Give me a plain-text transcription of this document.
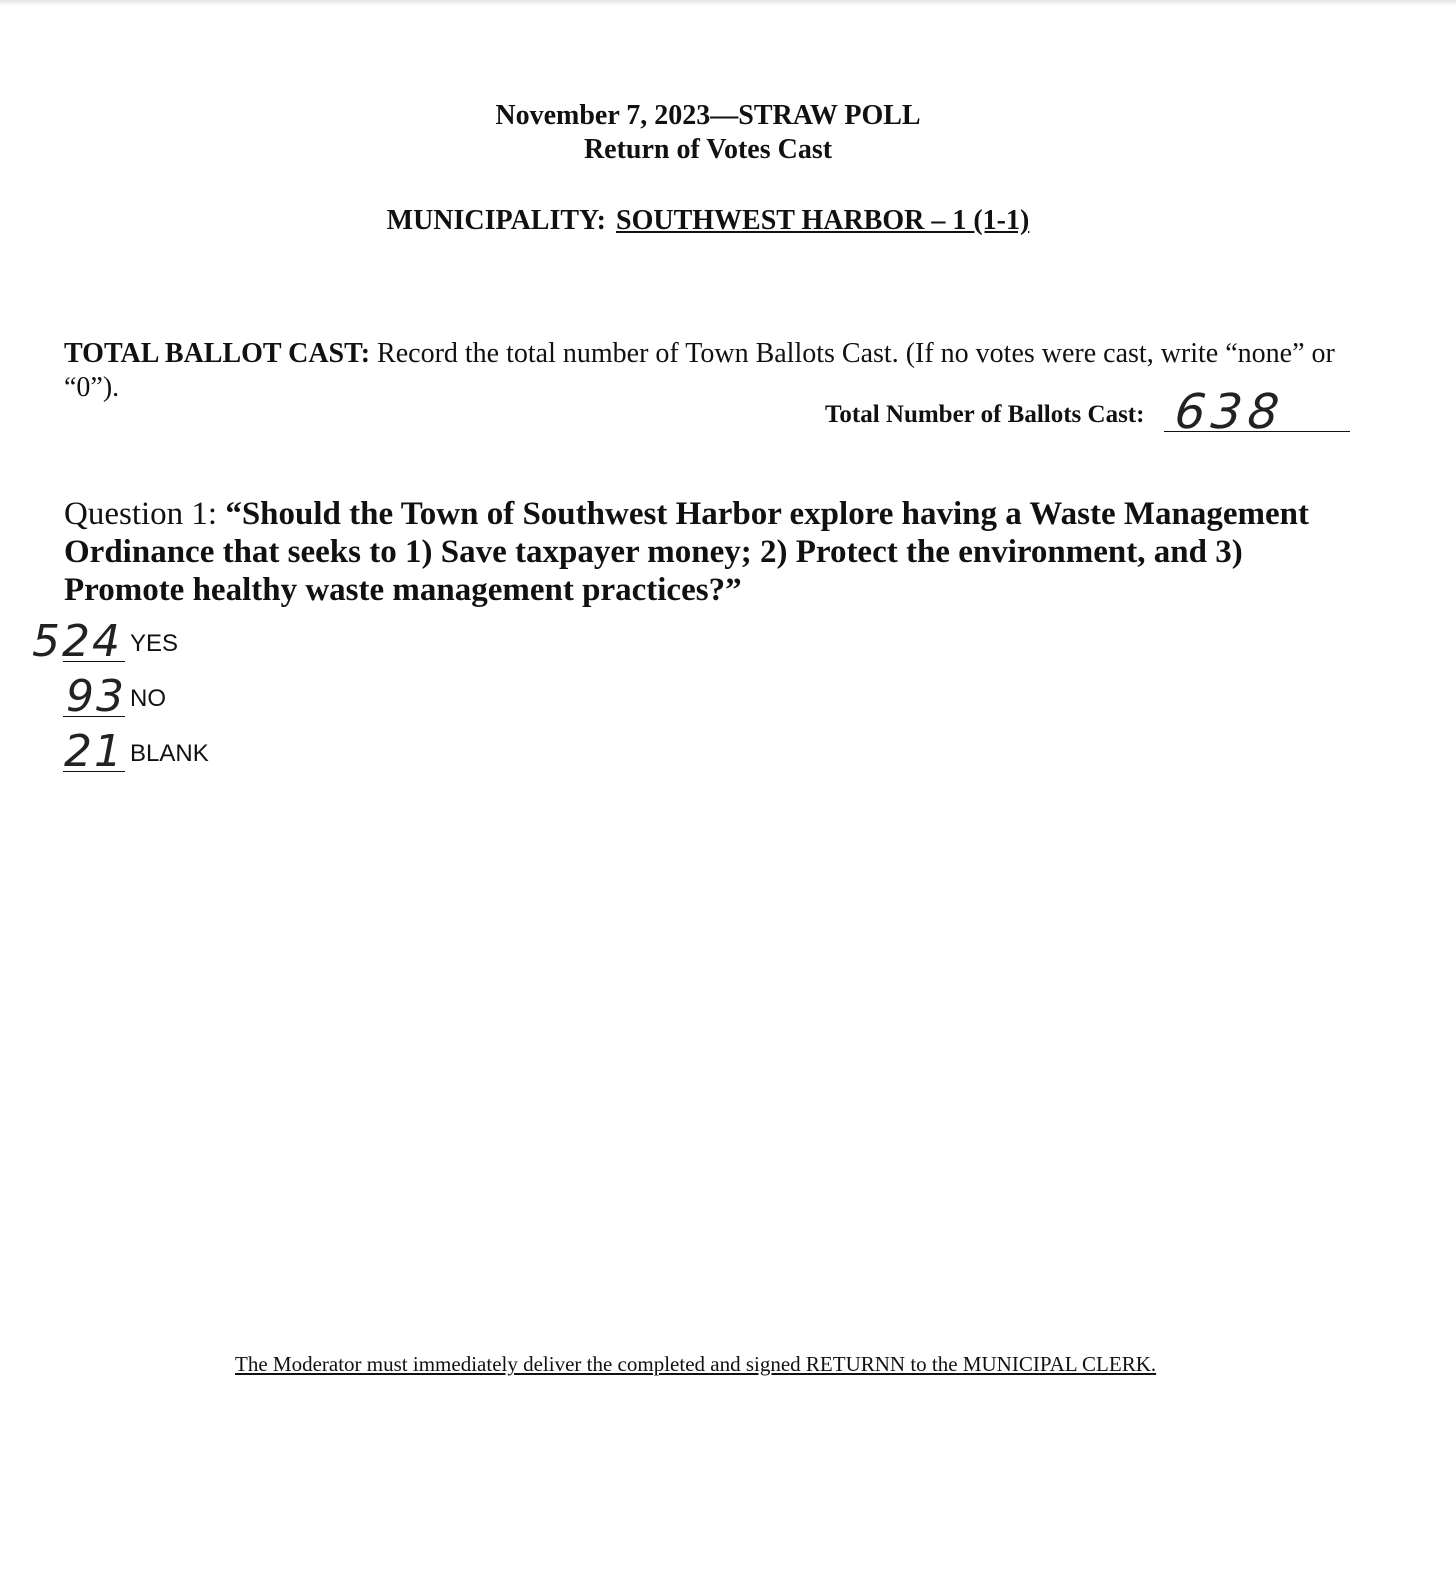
November 7, 2023—STRAW POLL
Return of Votes Cast
MUNICIPALITY: SOUTHWEST HARBOR – 1 (1-1)
TOTAL BALLOT CAST: Record the total number of Town Ballots Cast. (If no votes were cast, write “none” or “0”).
Total Number of Ballots Cast: 638
Question 1: “Should the Town of Southwest Harbor explore having a Waste Management Ordinance that seeks to 1) Save taxpayer money; 2) Protect the environment, and 3) Promote healthy waste management practices?”
524 YES
93 NO
21 BLANK
The Moderator must immediately deliver the completed and signed RETURNN to the MUNICIPAL CLERK.
